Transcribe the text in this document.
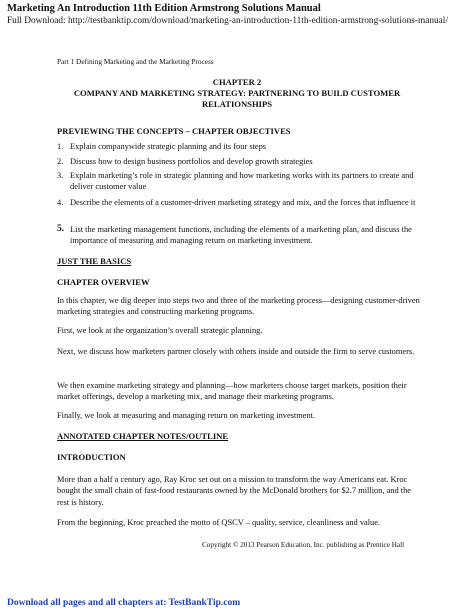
Marketing An Introduction 11th Edition Armstrong Solutions Manual
Full Download: http://testbanktip.com/download/marketing-an-introduction-11th-edition-armstrong-solutions-manual/
Part 1 Defining Marketing and the Marketing Process
CHAPTER 2
COMPANY AND MARKETING STRATEGY: PARTNERING TO BUILD CUSTOMER
RELATIONSHIPS
PREVIEWING THE CONCEPTS – CHAPTER OBJECTIVES
1. Explain companywide strategic planning and its four steps
2. Discuss how to design business portfolios and develop growth strategies
3. Explain marketing’s role in strategic planning and how marketing works with its partners to create and deliver customer value
4. Describe the elements of a customer-driven marketing strategy and mix, and the forces that influence it
5. List the marketing management functions, including the elements of a marketing plan, and discuss the importance of measuring and managing return on marketing investment.
JUST THE BASICS
CHAPTER OVERVIEW
In this chapter, we dig deeper into steps two and three of the marketing process—designing customer-driven marketing strategies and constructing marketing programs.
First, we look at the organization’s overall strategic planning.
Next, we discuss how marketers partner closely with others inside and outside the firm to serve customers.
We then examine marketing strategy and planning—how marketers choose target markets, position their market offerings, develop a marketing mix, and manage their marketing programs.
Finally, we look at measuring and managing return on marketing investment.
ANNOTATED CHAPTER NOTES/OUTLINE
INTRODUCTION
More than a half a century ago, Ray Kroc set out on a mission to transform the way Americans eat. Kroc bought the small chain of fast-food restaurants owned by the McDonald brothers for $2.7 million, and the rest is history.
From the beginning, Kroc preached the motto of QSCV – quality, service, cleanliness and value.
Copyright © 2013 Pearson Education, Inc. publishing as Prentice Hall
Download all pages and all chapters at: TestBankTip.com
